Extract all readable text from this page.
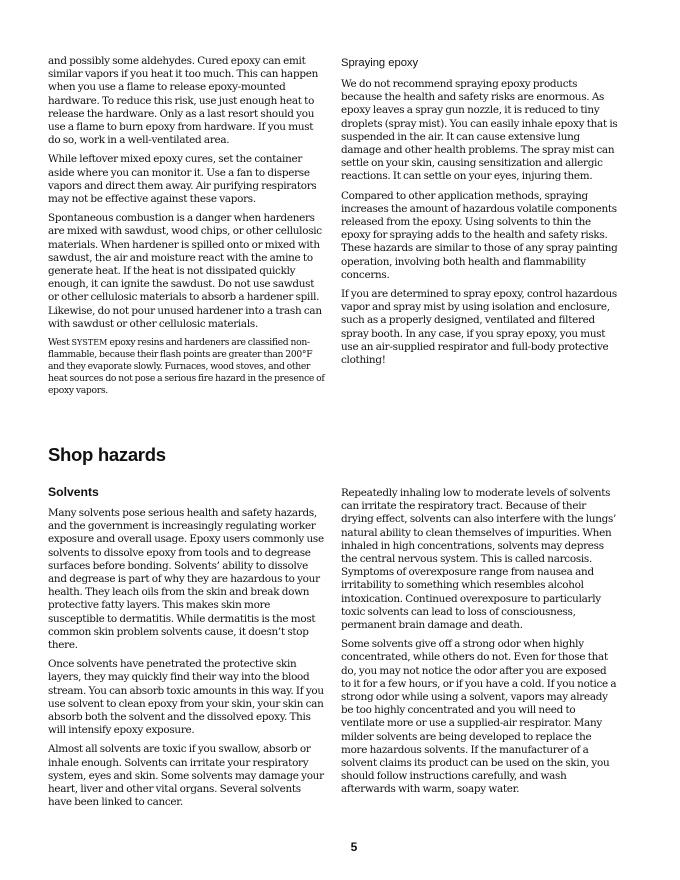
and possibly some aldehydes. Cured epoxy can emit similar vapors if you heat it too much. This can happen when you use a flame to release epoxy-mounted hardware. To reduce this risk, use just enough heat to release the hardware. Only as a last resort should you use a flame to burn epoxy from hardware. If you must do so, work in a well-ventilated area.

While leftover mixed epoxy cures, set the container aside where you can monitor it. Use a fan to disperse vapors and direct them away. Air purifying respirators may not be effective against these vapors.

Spontaneous combustion is a danger when hardeners are mixed with sawdust, wood chips, or other cellulosic materials. When hardener is spilled onto or mixed with sawdust, the air and moisture react with the amine to generate heat. If the heat is not dissipated quickly enough, it can ignite the sawdust. Do not use sawdust or other cellulosic materials to absorb a hardener spill. Likewise, do not pour unused hardener into a trash can with sawdust or other cellulosic materials.

West SYSTEM epoxy resins and hardeners are classified non-flammable, because their flash points are greater than 200°F and they evaporate slowly. Furnaces, wood stoves, and other heat sources do not pose a serious fire hazard in the presence of epoxy vapors.

Spraying epoxy

We do not recommend spraying epoxy products because the health and safety risks are enormous. As epoxy leaves a spray gun nozzle, it is reduced to tiny droplets (spray mist). You can easily inhale epoxy that is suspended in the air. It can cause extensive lung damage and other health problems. The spray mist can settle on your skin, causing sensitization and allergic reactions. It can settle on your eyes, injuring them.

Compared to other application methods, spraying increases the amount of hazardous volatile components released from the epoxy. Using solvents to thin the epoxy for spraying adds to the health and safety risks. These hazards are similar to those of any spray painting operation, involving both health and flammability concerns.

If you are determined to spray epoxy, control hazardous vapor and spray mist by using isolation and enclosure, such as a properly designed, ventilated and filtered spray booth. In any case, if you spray epoxy, you must use an air-supplied respirator and full-body protective clothing!

Shop hazards
Solvents

Many solvents pose serious health and safety hazards, and the government is increasingly regulating worker exposure and overall usage. Epoxy users commonly use solvents to dissolve epoxy from tools and to degrease surfaces before bonding. Solvents’ ability to dissolve and degrease is part of why they are hazardous to your health. They leach oils from the skin and break down protective fatty layers. This makes skin more susceptible to dermatitis. While dermatitis is the most common skin problem solvents cause, it doesn’t stop there.

Once solvents have penetrated the protective skin layers, they may quickly find their way into the blood stream. You can absorb toxic amounts in this way. If you use solvent to clean epoxy from your skin, your skin can absorb both the solvent and the dissolved epoxy. This will intensify epoxy exposure.

Almost all solvents are toxic if you swallow, absorb or inhale enough. Solvents can irritate your respiratory system, eyes and skin. Some solvents may damage your heart, liver and other vital organs. Several solvents have been linked to cancer.

Repeatedly inhaling low to moderate levels of solvents can irritate the respiratory tract. Because of their drying effect, solvents can also interfere with the lungs’ natural ability to clean themselves of impurities. When inhaled in high concentrations, solvents may depress the central nervous system. This is called narcosis. Symptoms of overexposure range from nausea and irritability to something which resembles alcohol intoxication. Continued overexposure to particularly toxic solvents can lead to loss of consciousness, permanent brain damage and death.

Some solvents give off a strong odor when highly concentrated, while others do not. Even for those that do, you may not notice the odor after you are exposed to it for a few hours, or if you have a cold. If you notice a strong odor while using a solvent, vapors may already be too highly concentrated and you will need to ventilate more or use a supplied-air respirator. Many milder solvents are being developed to replace the more hazardous solvents. If the manufacturer of a solvent claims its product can be used on the skin, you should follow instructions carefully, and wash afterwards with warm, soapy water.

5
